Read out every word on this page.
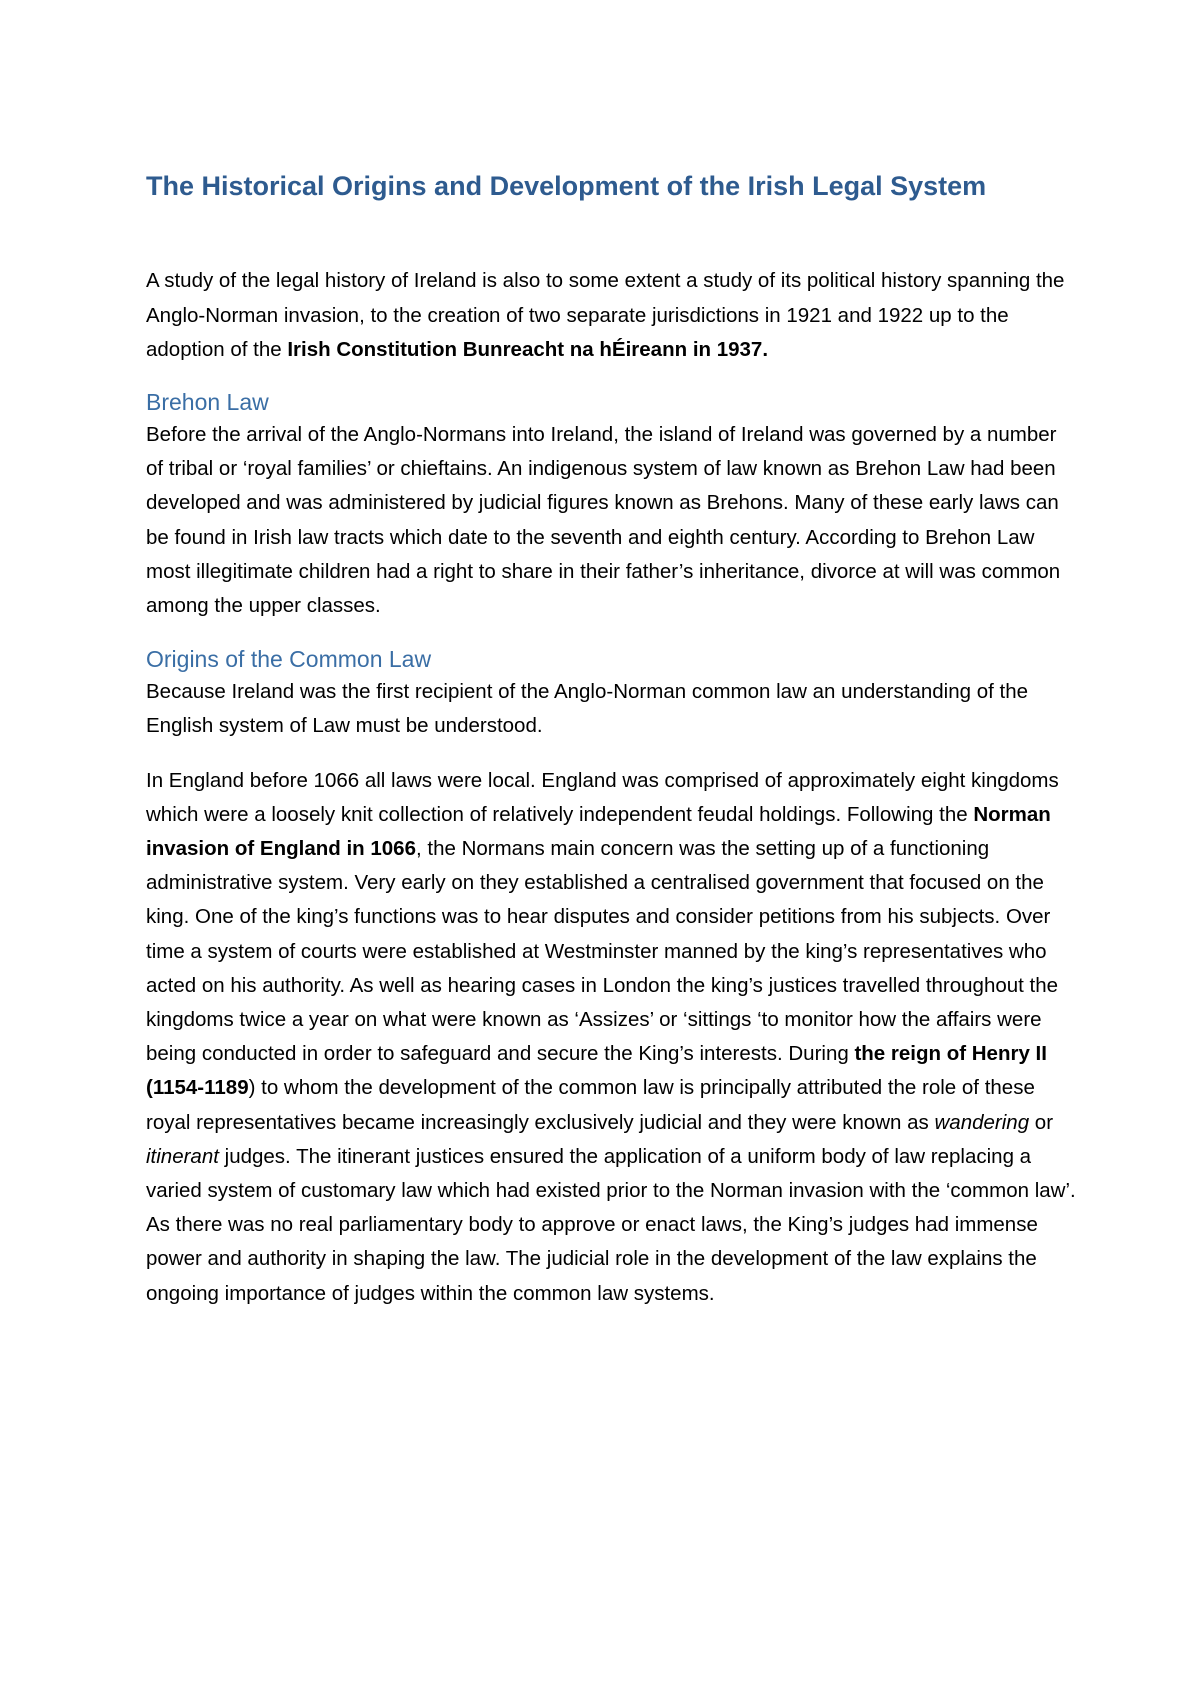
The Historical Origins and Development of the Irish Legal System

A study of the legal history of Ireland is also to some extent a study of its political history spanning the Anglo-Norman invasion, to the creation of two separate jurisdictions in 1921 and 1922 up to the adoption of the Irish Constitution Bunreacht na hÉireann in 1937.

Brehon Law

Before the arrival of the Anglo-Normans into Ireland, the island of Ireland was governed by a number of tribal or ‘royal families’ or chieftains. An indigenous system of law known as Brehon Law had been developed and was administered by judicial figures known as Brehons. Many of these early laws can be found in Irish law tracts which date to the seventh and eighth century. According to Brehon Law most illegitimate children had a right to share in their father’s inheritance, divorce at will was common among the upper classes.

Origins of the Common Law

Because Ireland was the first recipient of the Anglo-Norman common law an understanding of the English system of Law must be understood.

In England before 1066 all laws were local. England was comprised of approximately eight kingdoms which were a loosely knit collection of relatively independent feudal holdings. Following the Norman invasion of England in 1066, the Normans main concern was the setting up of a functioning administrative system. Very early on they established a centralised government that focused on the king. One of the king’s functions was to hear disputes and consider petitions from his subjects. Over time a system of courts were established at Westminster manned by the king’s representatives who acted on his authority. As well as hearing cases in London the king’s justices travelled throughout the kingdoms twice a year on what were known as ‘Assizes’ or ‘sittings ‘to monitor how the affairs were being conducted in order to safeguard and secure the King’s interests. During the reign of Henry II (1154-1189) to whom the development of the common law is principally attributed the role of these royal representatives became increasingly exclusively judicial and they were known as wandering or itinerant judges. The itinerant justices ensured the application of a uniform body of law replacing a varied system of customary law which had existed prior to the Norman invasion with the ‘common law’. As there was no real parliamentary body to approve or enact laws, the King’s judges had immense power and authority in shaping the law. The judicial role in the development of the law explains the ongoing importance of judges within the common law systems.
